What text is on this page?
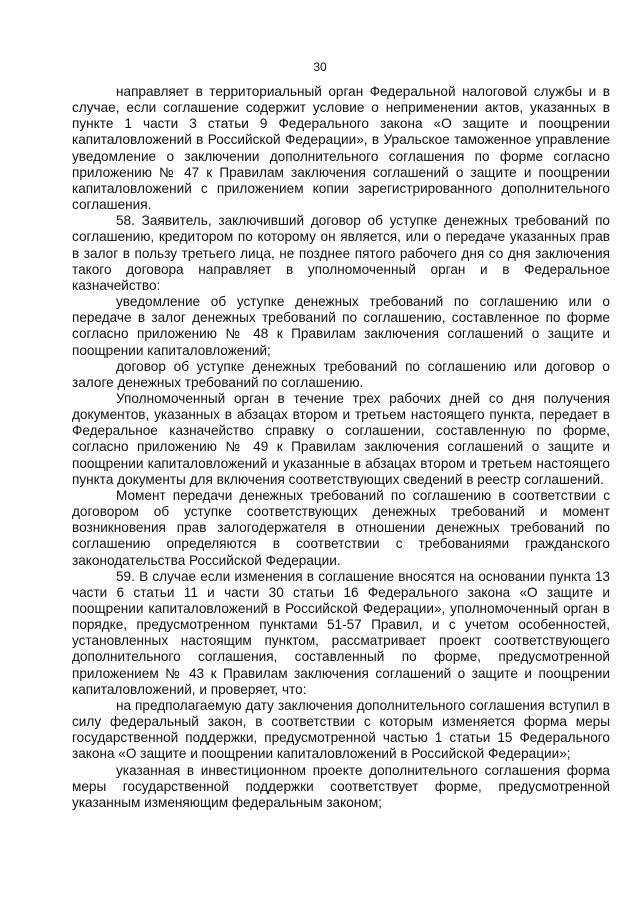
30

направляет в территориальный орган Федеральной налоговой службы и в случае, если соглашение содержит условие о неприменении актов, указанных в пункте 1 части 3 статьи 9 Федерального закона «О защите и поощрении капиталовложений в Российской Федерации», в Уральское таможенное управление уведомление о заключении дополнительного соглашения по форме согласно приложению № 47 к Правилам заключения соглашений о защите и поощрении капиталовложений с приложением копии зарегистрированного дополнительного соглашения.

58. Заявитель, заключивший договор об уступке денежных требований по соглашению, кредитором по которому он является, или о передаче указанных прав в залог в пользу третьего лица, не позднее пятого рабочего дня со дня заключения такого договора направляет в уполномоченный орган и в Федеральное казначейство:

уведомление об уступке денежных требований по соглашению или о передаче в залог денежных требований по соглашению, составленное по форме согласно приложению № 48 к Правилам заключения соглашений о защите и поощрении капиталовложений;

договор об уступке денежных требований по соглашению или договор о залоге денежных требований по соглашению.

Уполномоченный орган в течение трех рабочих дней со дня получения документов, указанных в абзацах втором и третьем настоящего пункта, передает в Федеральное казначейство справку о соглашении, составленную по форме, согласно приложению № 49 к Правилам заключения соглашений о защите и поощрении капиталовложений и указанные в абзацах втором и третьем настоящего пункта документы для включения соответствующих сведений в реестр соглашений.

Момент передачи денежных требований по соглашению в соответствии с договором об уступке соответствующих денежных требований и момент возникновения прав залогодержателя в отношении денежных требований по соглашению определяются в соответствии с требованиями гражданского законодательства Российской Федерации.

59. В случае если изменения в соглашение вносятся на основании пункта 13 части 6 статьи 11 и части 30 статьи 16 Федерального закона «О защите и поощрении капиталовложений в Российской Федерации», уполномоченный орган в порядке, предусмотренном пунктами 51-57 Правил, и с учетом особенностей, установленных настоящим пунктом, рассматривает проект соответствующего дополнительного соглашения, составленный по форме, предусмотренной приложением № 43 к Правилам заключения соглашений о защите и поощрении капиталовложений, и проверяет, что:

на предполагаемую дату заключения дополнительного соглашения вступил в силу федеральный закон, в соответствии с которым изменяется форма меры государственной поддержки, предусмотренной частью 1 статьи 15 Федерального закона «О защите и поощрении капиталовложений в Российской Федерации»;

указанная в инвестиционном проекте дополнительного соглашения форма меры государственной поддержки соответствует форме, предусмотренной указанным изменяющим федеральным законом;
